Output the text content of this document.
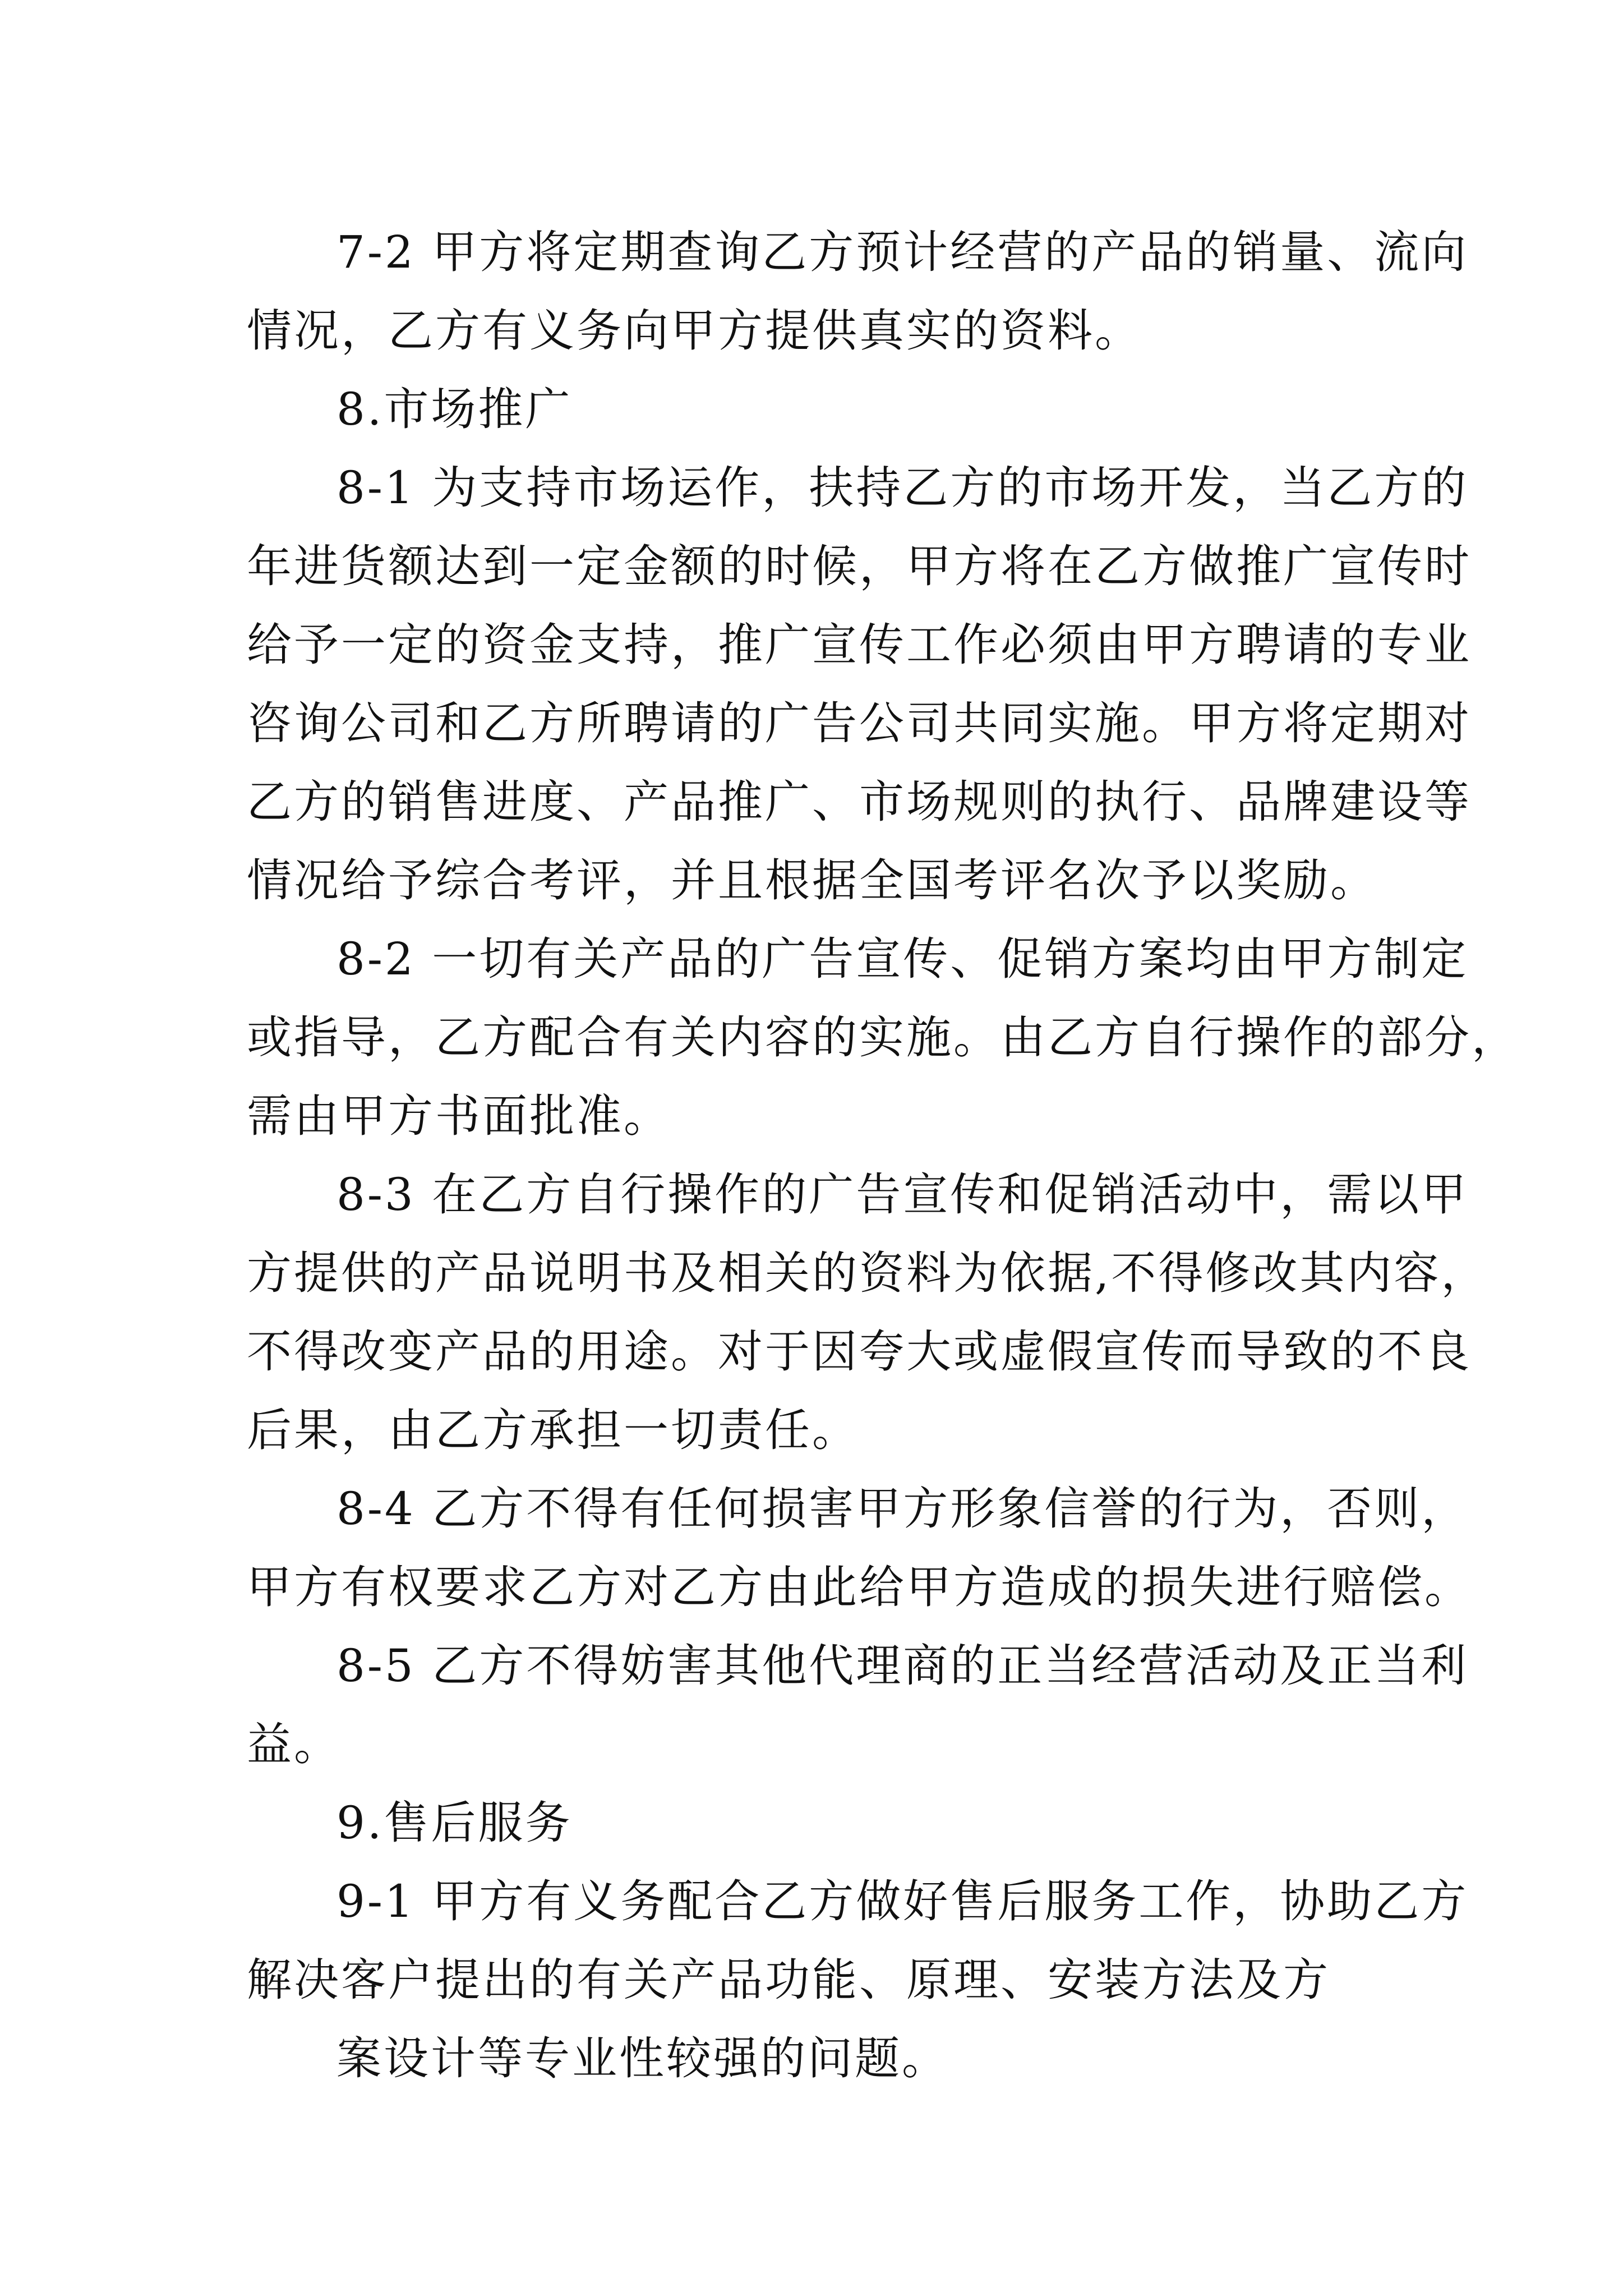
7-2 甲方将定期查询乙方预计经营的产品的销量、流向
情况，乙方有义务向甲方提供真实的资料。
8.市场推广
8-1 为支持市场运作，扶持乙方的市场开发，当乙方的
年进货额达到一定金额的时候，甲方将在乙方做推广宣传时
给予一定的资金支持，推广宣传工作必须由甲方聘请的专业
咨询公司和乙方所聘请的广告公司共同实施。甲方将定期对
乙方的销售进度、产品推广、市场规则的执行、品牌建设等
情况给予综合考评，并且根据全国考评名次予以奖励。
8-2 一切有关产品的广告宣传、促销方案均由甲方制定
或指导，乙方配合有关内容的实施。由乙方自行操作的部分，
需由甲方书面批准。
8-3 在乙方自行操作的广告宣传和促销活动中，需以甲
方提供的产品说明书及相关的资料为依据,不得修改其内容，
不得改变产品的用途。对于因夸大或虚假宣传而导致的不良
后果，由乙方承担一切责任。
8-4 乙方不得有任何损害甲方形象信誉的行为，否则，
甲方有权要求乙方对乙方由此给甲方造成的损失进行赔偿。
8-5 乙方不得妨害其他代理商的正当经营活动及正当利
益。
9.售后服务
9-1 甲方有义务配合乙方做好售后服务工作，协助乙方
解决客户提出的有关产品功能、原理、安装方法及方
案设计等专业性较强的问题。
